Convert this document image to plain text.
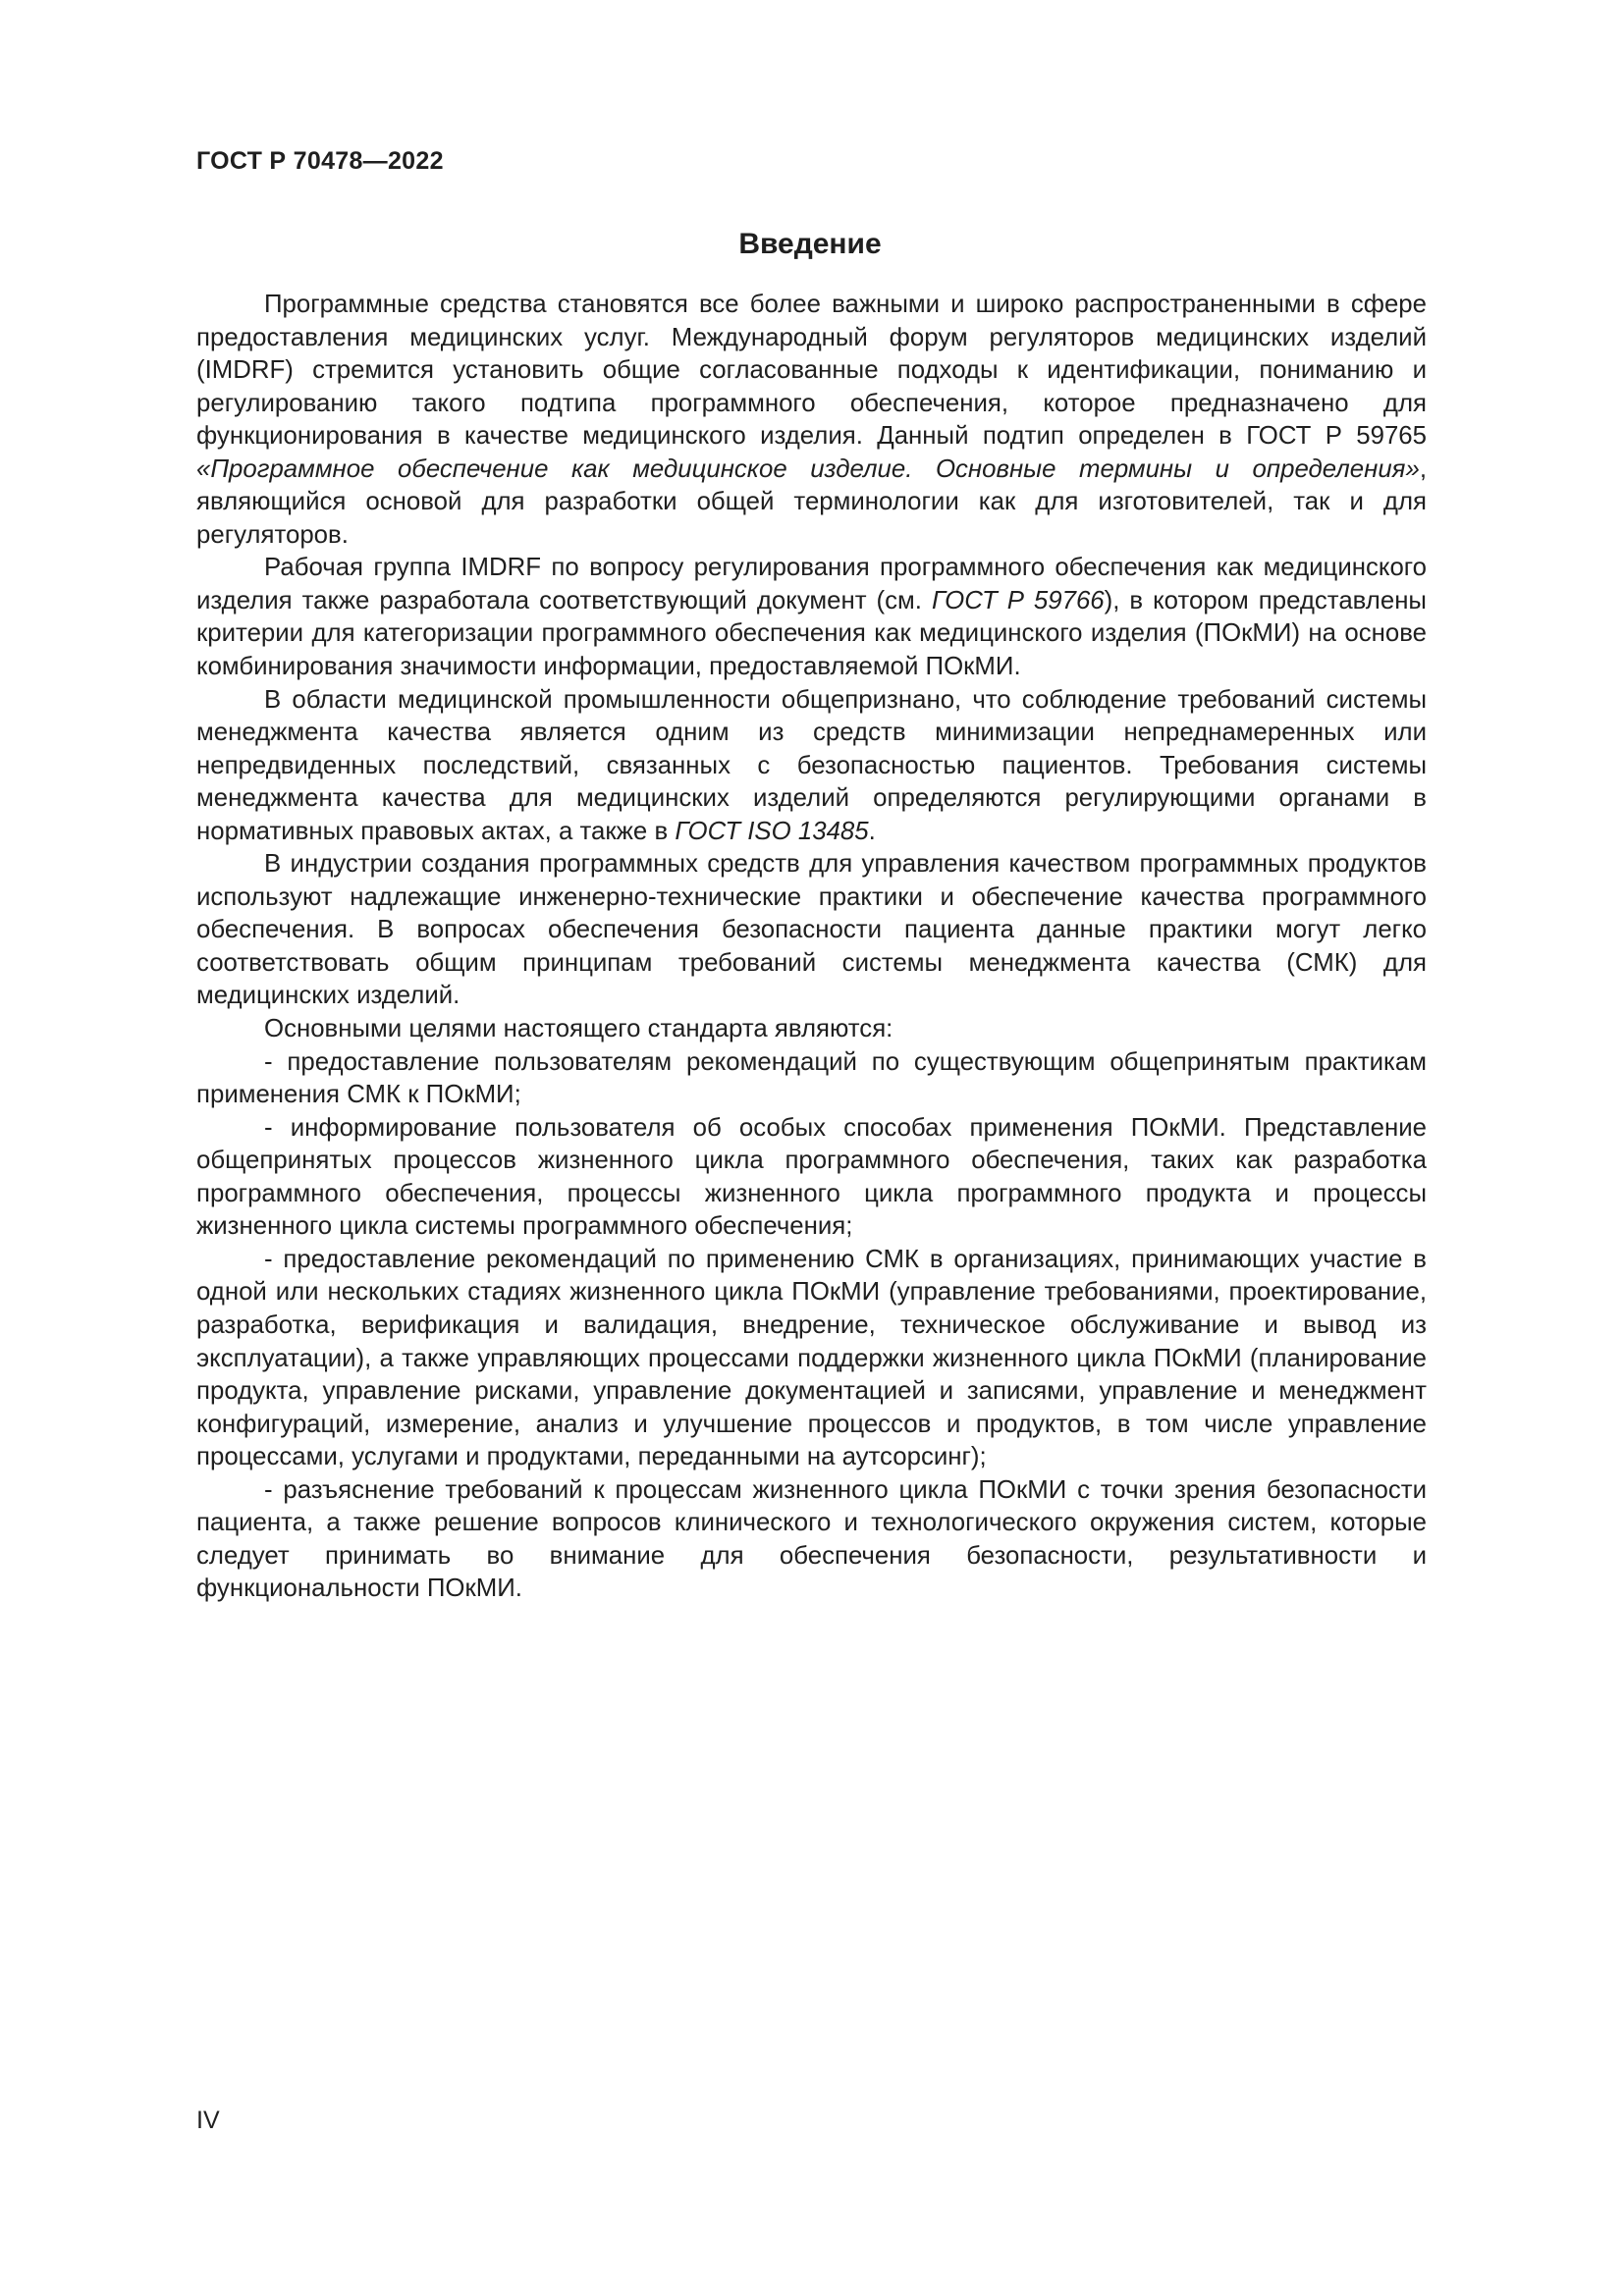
ГОСТ Р 70478—2022
Введение

Программные средства становятся все более важными и широко распространенными в сфере предоставления медицинских услуг. Международный форум регуляторов медицинских изделий (IMDRF) стремится установить общие согласованные подходы к идентификации, пониманию и регулированию такого подтипа программного обеспечения, которое предназначено для функционирования в качестве медицинского изделия. Данный подтип определен в ГОСТ Р 59765 «Программное обеспечение как медицинское изделие. Основные термины и определения», являющийся основой для разработки общей терминологии как для изготовителей, так и для регуляторов.

Рабочая группа IMDRF по вопросу регулирования программного обеспечения как медицинского изделия также разработала соответствующий документ (см. ГОСТ Р 59766), в котором представлены критерии для категоризации программного обеспечения как медицинского изделия (ПОкМИ) на основе комбинирования значимости информации, предоставляемой ПОкМИ.

В области медицинской промышленности общепризнано, что соблюдение требований системы менеджмента качества является одним из средств минимизации непреднамеренных или непредвиденных последствий, связанных с безопасностью пациентов. Требования системы менеджмента качества для медицинских изделий определяются регулирующими органами в нормативных правовых актах, а также в ГОСТ ISO 13485.

В индустрии создания программных средств для управления качеством программных продуктов используют надлежащие инженерно-технические практики и обеспечение качества программного обеспечения. В вопросах обеспечения безопасности пациента данные практики могут легко соответствовать общим принципам требований системы менеджмента качества (СМК) для медицинских изделий.

Основными целями настоящего стандарта являются:

- предоставление пользователям рекомендаций по существующим общепринятым практикам применения СМК к ПОкМИ;

- информирование пользователя об особых способах применения ПОкМИ. Представление общепринятых процессов жизненного цикла программного обеспечения, таких как разработка программного обеспечения, процессы жизненного цикла программного продукта и процессы жизненного цикла системы программного обеспечения;

- предоставление рекомендаций по применению СМК в организациях, принимающих участие в одной или нескольких стадиях жизненного цикла ПОкМИ (управление требованиями, проектирование, разработка, верификация и валидация, внедрение, техническое обслуживание и вывод из эксплуатации), а также управляющих процессами поддержки жизненного цикла ПОкМИ (планирование продукта, управление рисками, управление документацией и записями, управление и менеджмент конфигураций, измерение, анализ и улучшение процессов и продуктов, в том числе управление процессами, услугами и продуктами, переданными на аутсорсинг);

- разъяснение требований к процессам жизненного цикла ПОкМИ с точки зрения безопасности пациента, а также решение вопросов клинического и технологического окружения систем, которые следует принимать во внимание для обеспечения безопасности, результативности и функциональности ПОкМИ.

IV
